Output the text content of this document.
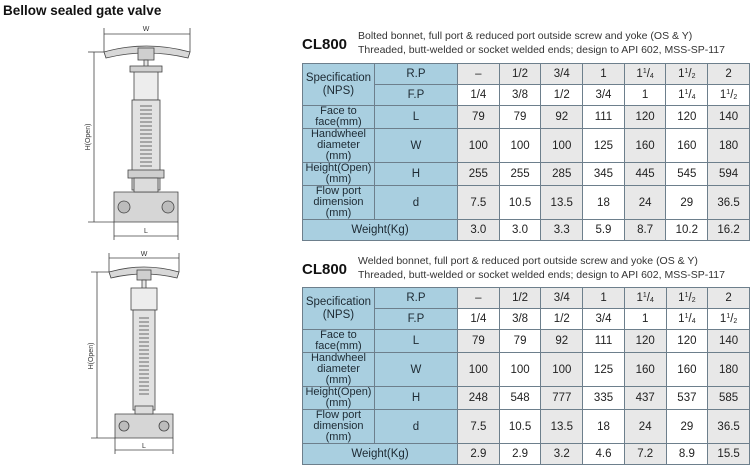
Bellow sealed gate valve
W
L
H(Open)
W
L
H(Open)
CL800 Bolted bonnet, full port & reduced port outside screw and yoke (OS & Y)
Threaded, butt-welded or socket welded ends; design to API 602, MSS-SP-117
Specification
(NPS)	R.P	–	1/2	3/4	1	$1^1/_4$	$1^1/_2$	2
	F.P	1/4	3/8	1/2	3/4	1	$1^1/_4$	$1^1/_2$
Face to face(mm)	L	79	79	92	111	120	120	140
Handwheel diameter (mm)	W	100	100	100	125	160	160	180
Height(Open)(mm)	H	255	255	285	345	445	545	594
Flow port dimension (mm)	d	7.5	10.5	13.5	18	24	29	36.5
Weight(Kg)		3.0	3.0	3.3	5.9	8.7	10.2	16.2
CL800 Welded bonnet, full port & reduced port outside screw and yoke (OS & Y)
Threaded, butt-welded or socket welded ends; design to API 602, MSS-SP-117
Specification
(NPS)	R.P	–	1/2	3/4	1	$1^1/_4$	$1^1/_2$	2
	F.P	1/4	3/8	1/2	3/4	1	$1^1/_4$	$1^1/_2$
Face to face(mm)	L	79	79	92	111	120	120	140
Handwheel diameter (mm)	W	100	100	100	125	160	160	180
Height(Open)(mm)	H	248	548	777	335	437	537	585
Flow port dimension (mm)	d	7.5	10.5	13.5	18	24	29	36.5
Weight(Kg)		2.9	2.9	3.2	4.6	7.2	8.9	15.5
